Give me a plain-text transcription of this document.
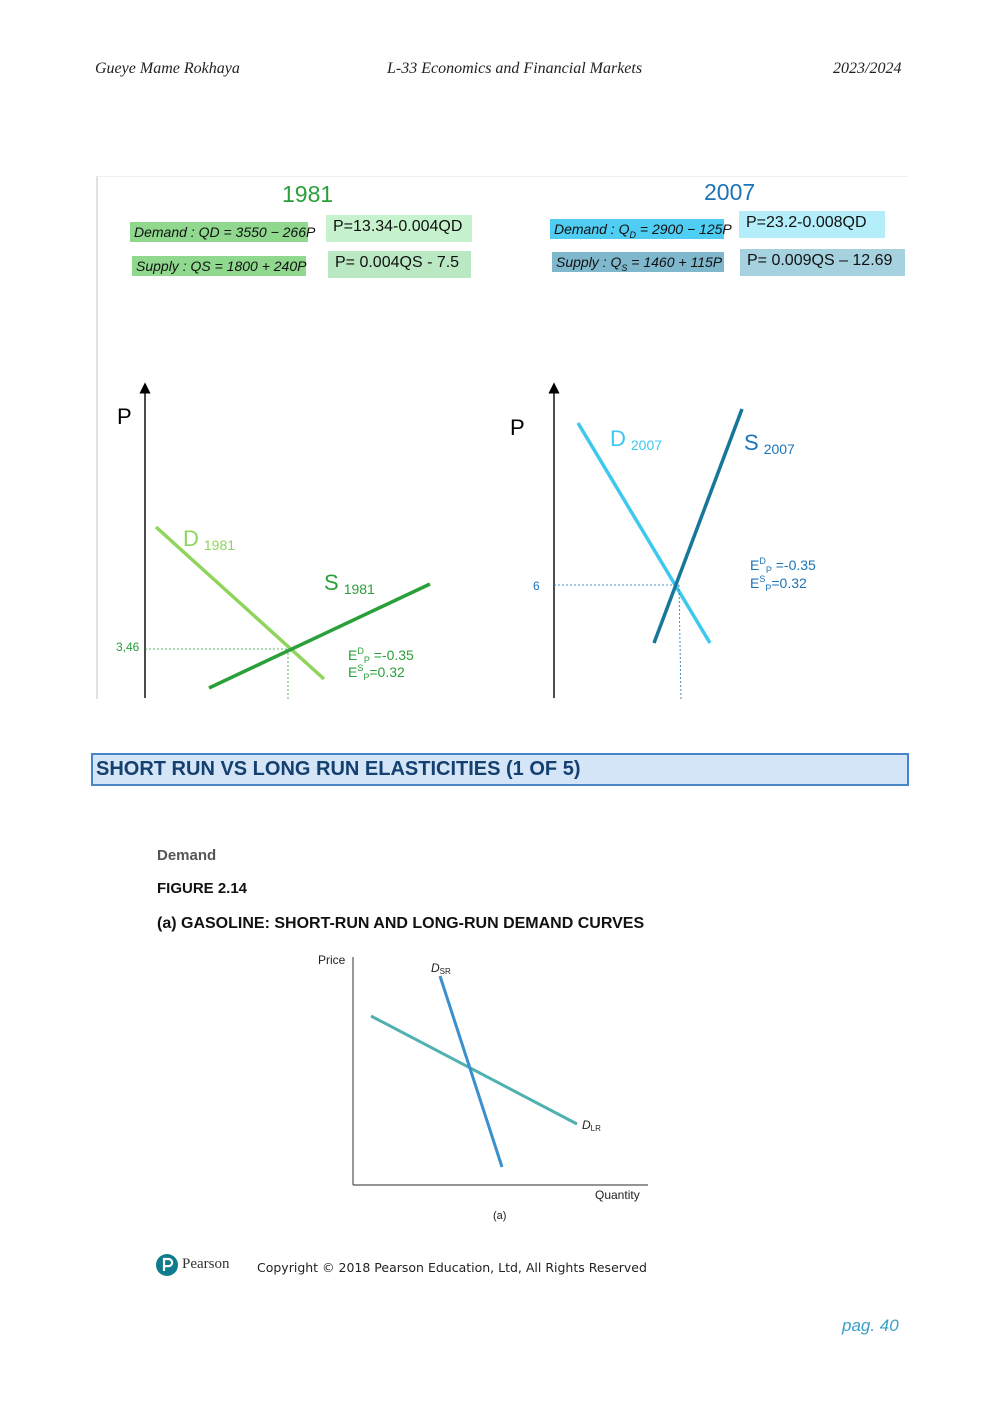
Gueye Mame Rokhaya	L-33 Economics and Financial Markets	2023/2024
1981	2007
Demand : QD = 3550 − 266P	P=13.34-0.004QD
Supply : QS = 1800 + 240P	P= 0.004QS - 7.5
Demand : $Q_D = 2900 - 125P$ P=23.2-0.008QD
Supply : $Q_S = 1460 + 115P$	P= 0.009QS – 12.69
P
3,46
D 1981
S 1981
$E^D_P =-0.35$
$E^S_P=0.32$
P
6
D 2007	S 2007
$E^D_P =-0.35$
$E^S_P=0.32$
SHORT RUN VS LONG RUN ELASTICITIES (1 OF 5)
Demand
FIGURE 2.14
(a) GASOLINE: SHORT-RUN AND LONG-RUN DEMAND CURVES
Price
Quantity
DSR
DLR
(a)
Pearson Copyright © 2018 Pearson Education, Ltd, All Rights Reserved
pag. 40
